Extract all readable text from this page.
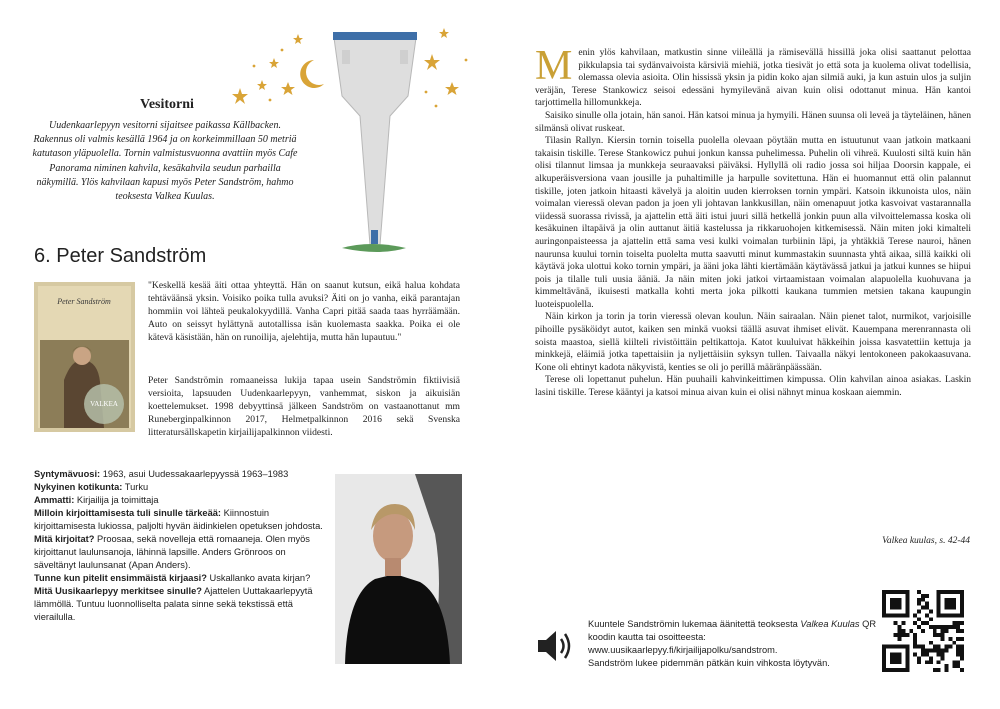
Vesitorni

Uudenkaarlepyyn vesitorni sijaitsee paikassa Källbacken. Rakennus oli valmis kesällä 1964 ja on korkeimmillaan 50 metriä katutason yläpuolella. Tornin valmistusvuonna avattiin myös Cafe Panorama niminen kahvila, kesäkahvila seudun parhailla näkymillä. Ylös kahvilaan kapusi myös Peter Sandström, hahmo teoksesta Valkea Kuulas.

6. Peter Sandström
Peter Sandström
VALKEA

"Keskellä kesää äiti ottaa yhteyttä. Hän on saanut kutsun, eikä halua kohdata tehtäväänsä yksin. Voisiko poika tulla avuksi? Äiti on jo vanha, eikä parantajan hommiin voi lähteä peukalokyydillä. Vanha Capri pitää saada taas hyrräämään. Auto on seissyt hylättynä autotallissa isän kuolemasta saakka. Poika ei ole kätevä käsistään, hän on runoilija, ajelehtija, mutta hän lupautuu."

Peter Sandströmin romaaneissa lukija tapaa usein Sandströmin fiktiivisiä versioita, lapsuuden Uudenkaarlepyyn, vanhemmat, siskon ja aikuisiän koettelemukset. 1998 debyyttinsä jälkeen Sandström on vastaanottanut mm Runeberginpalkinnon 2017, Helmetpalkinnon 2016 sekä Svenska litteratursällskapetin kirjailijapalkinnon viidesti.

Syntymävuosi: 1963, asui Uudessakaarlepyyssä 1963–1983

Nykyinen kotikunta: Turku

Ammatti: Kirjailija ja toimittaja

Milloin kirjoittamisesta tuli sinulle tärkeää: Kiinnostuin kirjoittamisesta lukiossa, paljolti hyvän äidinkielen opetuksen johdosta.

Mitä kirjoitat? Proosaa, sekä novelleja että romaaneja. Olen myös kirjoittanut laulunsanoja, lähinnä lapsille. Anders Grönroos on säveltänyt laulunsanat (Apan Anders).

Tunne kun pitelit ensimmäistä kirjaasi? Uskallanko avata kirjan?

Mitä Uusikaarlepyy merkitsee sinulle? Ajattelen Uuttakaarlepyytä lämmöllä. Tuntuu luonnolliselta palata sinne sekä tekstissä että vierailulla.

Menin ylös kahvilaan, matkustin sinne viileällä ja rämisevällä hissillä joka olisi saattanut pelottaa pikkulapsia tai sydänvaivoista kärsiviä miehiä, jotka tiesivät jo että sota ja kuolema olivat todellisia, olemassa olevia asioita. Olin hississä yksin ja pidin koko ajan silmiä auki, ja kun astuin ulos ja suljin veräjän, Terese Stankowicz seisoi edessäni hymyilevänä aivan kuin olisi odottanut minua. Hän kantoi tarjottimella hillomunkkeja.

Saisiko sinulle olla jotain, hän sanoi. Hän katsoi minua ja hymyili. Hänen suunsa oli leveä ja täyteläinen, hänen silmänsä olivat ruskeat.

Tilasin Rallyn. Kiersin tornin toisella puolella olevaan pöytään mutta en istuutunut vaan jatkoin matkaani takaisin tiskille. Terese Stankowicz puhui jonkun kanssa puhelimessa. Puhelin oli vihreä. Kuulosti siltä kuin hän olisi tilannut limsaa ja munkkeja seuraavaksi päiväksi. Hyllyllä oli radio jossa soi hiljaa Doorsin kappale, ei alkuperäisversiona vaan jousille ja puhaltimille ja harpulle sovitettuna. Hän ei huomannut että olin palannut tiskille, joten jatkoin hitaasti kävelyä ja aloitin uuden kierroksen tornin ympäri. Katsoin ikkunoista ulos, näin voimalan vieressä olevan padon ja joen yli johtavan lankkusillan, näin omenapuut jotka kasvoivat vastarannalla viidessä suorassa rivissä, ja ajattelin että äiti istui juuri sillä hetkellä jonkin puun alla vilvoittelemassa koska oli kesäkuinen iltapäivä ja olin auttanut äitiä kastelussa ja rikkaruohojen kitkemisessä. Näin miten joki kimalteli auringonpaisteessa ja ajattelin että sama vesi kulki voimalan turbiinin läpi, ja yhtäkkiä Terese nauroi, hänen naurunsa kuului tornin toiselta puolelta mutta saavutti minut kummastakin suunnasta yhtä aikaa, sillä kaikki oli käytävä joka ulottui koko tornin ympäri, ja ääni joka lähti kiertämään käytävässä jatkui ja jatkui kunnes se hiipui pois ja tilalle tuli uusia ääniä. Ja näin miten joki jatkoi virtaamistaan voimalan alapuolella kuohuvana ja kimmeltävänä, ikuisesti matkalla kohti merta joka pilkotti kaukana tummien metsien takana kaupungin luoteispuolella.

Näin kirkon ja torin ja torin vieressä olevan koulun. Näin sairaalan. Näin pienet talot, nurmikot, varjoisille pihoille pysäköidyt autot, kaiken sen minkä vuoksi täällä asuvat ihmiset elivät. Kauempana merenrannasta oli soista maastoa, siellä kiilteli rivistöittäin peltikattoja. Katot kuuluivat häkkeihin joissa kasvatettiin kettuja ja minkkejä, eläimiä jotka tapettaisiin ja nyljettäisiin syksyn tullen. Taivaalla näkyi lentokoneen pakokaasuvana. Kone oli ehtinyt kadota näkyvistä, kenties se oli jo perillä määränpäässään.

Terese oli lopettanut puhelun. Hän puuhaili kahvinkeittimen kimpussa. Olin kahvilan ainoa asiakas. Laskin lasini tiskille. Terese kääntyi ja katsoi minua aivan kuin ei olisi nähnyt minua koskaan aiemmin.

Valkea kuulas, s. 42-44

Kuuntele Sandströmin lukemaa äänitettä teoksesta Valkea Kuulas QR koodin kautta tai osoitteesta:
www.uusikaarlepyy.fi/kirjailijapolku/sandstrom.
Sandström lukee pidemmän pätkän kuin vihkosta löytyvän.
